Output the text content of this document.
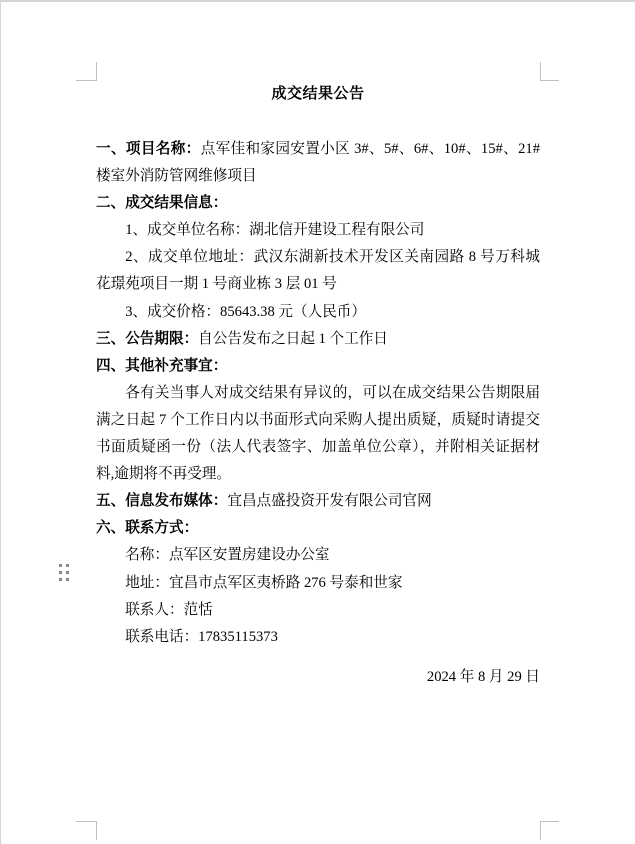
成交结果公告

一、项目名称：点军佳和家园安置小区 3#、5#、6#、10#、15#、21#楼室外消防管网维修项目

二、成交结果信息：

1、成交单位名称：湖北信开建设工程有限公司

2、成交单位地址：武汉东湖新技术开发区关南园路 8 号万科城花璟苑项目一期 1 号商业栋 3 层 01 号

3、成交价格：85643.38 元（人民币）

三、公告期限：自公告发布之日起 1 个工作日

四、其他补充事宜：

各有关当事人对成交结果有异议的，可以在成交结果公告期限届满之日起 7 个工作日内以书面形式向采购人提出质疑，质疑时请提交书面质疑函一份（法人代表签字、加盖单位公章），并附相关证据材料,逾期将不再受理。

五、信息发布媒体：宜昌点盛投资开发有限公司官网

六、联系方式：

名称：点军区安置房建设办公室

地址：宜昌市点军区夷桥路 276 号泰和世家

联系人：范恬

联系电话：17835115373

2024 年 8 月 29 日
